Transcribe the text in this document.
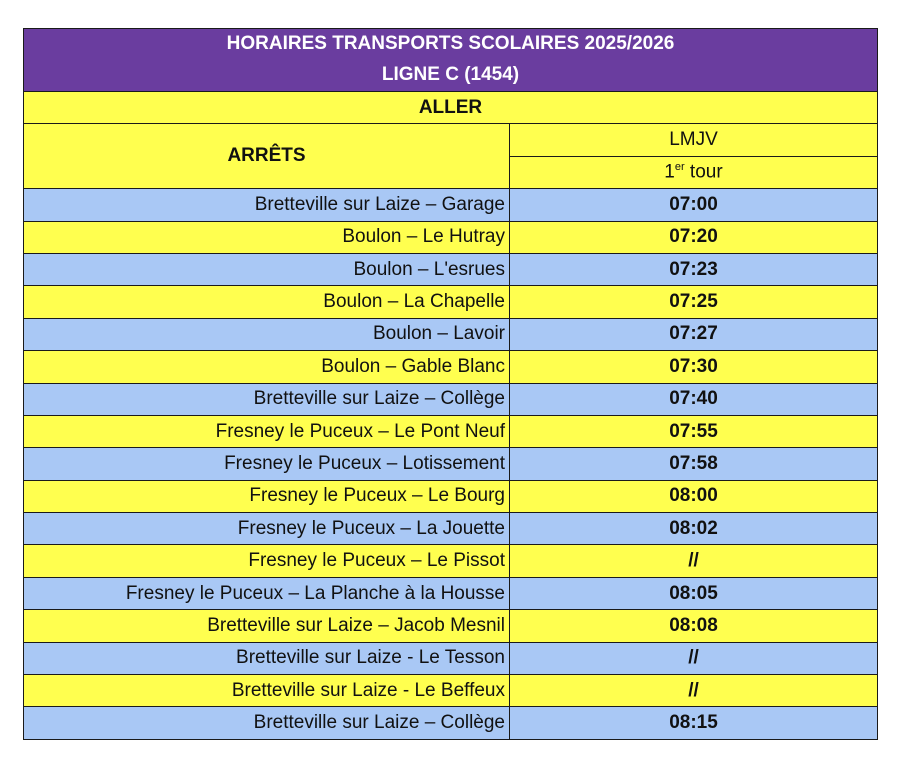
HORAIRES TRANSPORTS SCOLAIRES 2025/2026
LIGNE C (1454)	

ALLER	
ARRÊTS	LMJV
	1er tour
Bretteville sur Laize – Garage	07:00
Boulon – Le Hutray	07:20
Boulon – L'esrues	07:23
Boulon – La Chapelle	07:25
Boulon – Lavoir	07:27
Boulon – Gable Blanc	07:30
Bretteville sur Laize – Collège	07:40
Fresney le Puceux – Le Pont Neuf	07:55
Fresney le Puceux – Lotissement	07:58
Fresney le Puceux – Le Bourg	08:00
Fresney le Puceux – La Jouette	08:02
Fresney le Puceux – Le Pissot	//
Fresney le Puceux – La Planche à la Housse	08:05
Bretteville sur Laize – Jacob Mesnil	08:08
Bretteville sur Laize - Le Tesson	//
Bretteville sur Laize - Le Beffeux	//
Bretteville sur Laize – Collège	08:15
